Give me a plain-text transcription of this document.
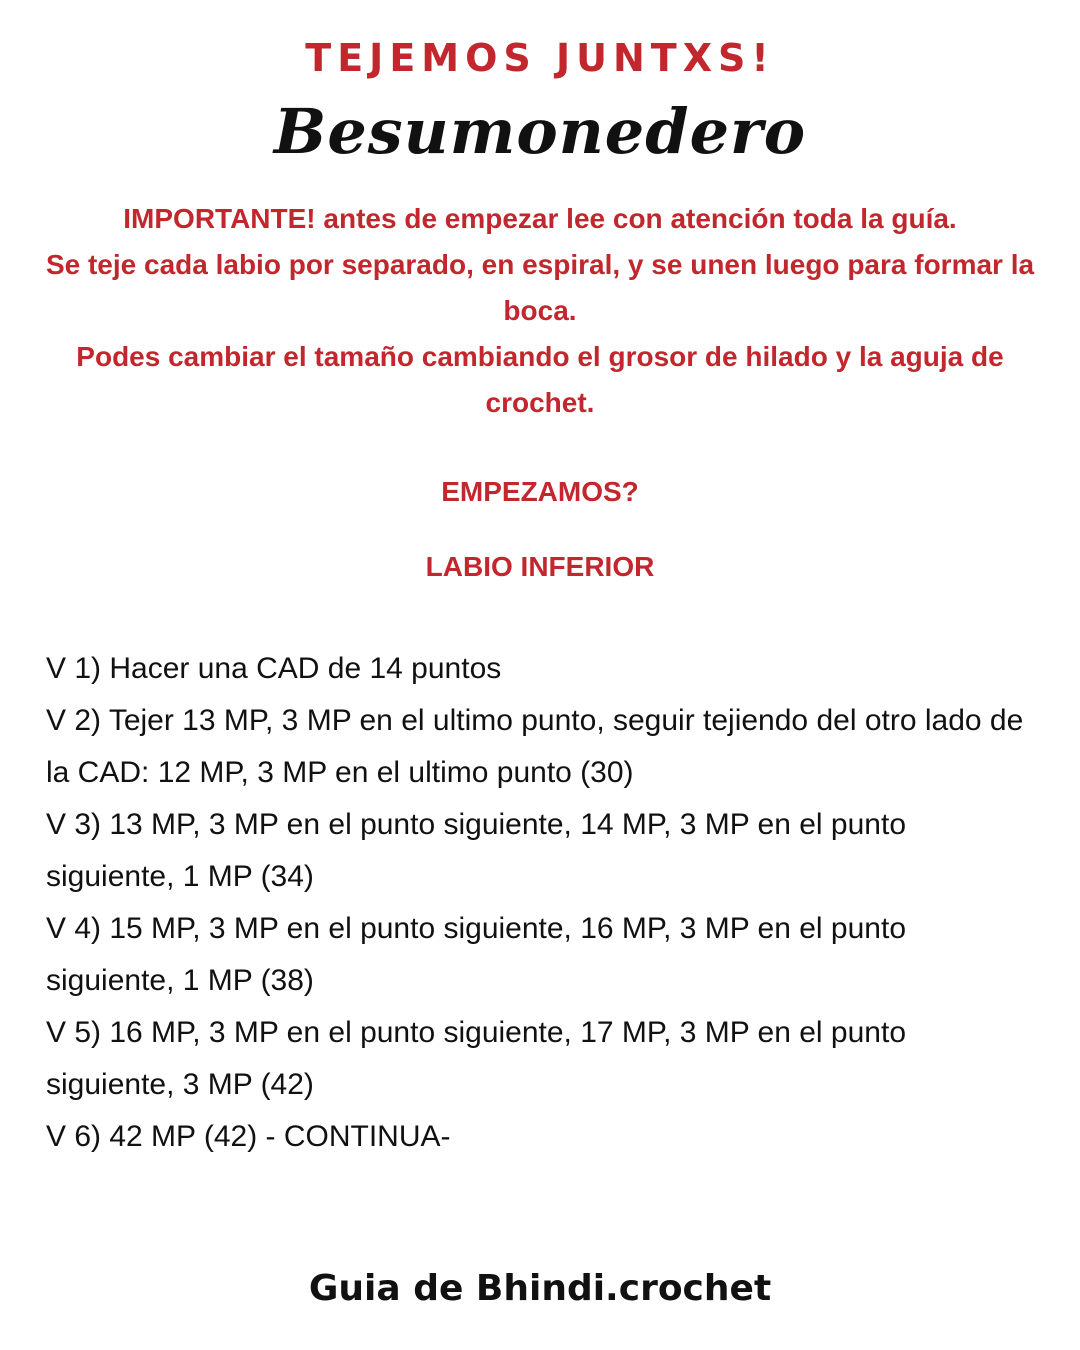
TEJEMOS JUNTXS!
Besumonedero

IMPORTANTE! antes de empezar lee con atención toda la guía.

Se teje cada labio por separado, en espiral, y se unen luego para formar la boca.

Podes cambiar el tamaño cambiando el grosor de hilado y la aguja de crochet.

EMPEZAMOS?
LABIO INFERIOR

V 1) Hacer una CAD de 14 puntos

V 2) Tejer 13 MP, 3 MP en el ultimo punto, seguir tejiendo del otro lado de la CAD: 12 MP, 3 MP en el ultimo punto (30)

V 3) 13 MP, 3 MP en el punto siguiente, 14 MP, 3 MP en el punto siguiente, 1 MP (34)

V 4) 15 MP, 3 MP en el punto siguiente, 16 MP, 3 MP en el punto siguiente, 1 MP (38)

V 5) 16 MP, 3 MP en el punto siguiente, 17 MP, 3 MP en el punto siguiente, 3 MP (42)

V 6) 42 MP (42) - CONTINUA-

Guia de Bhindi.crochet
